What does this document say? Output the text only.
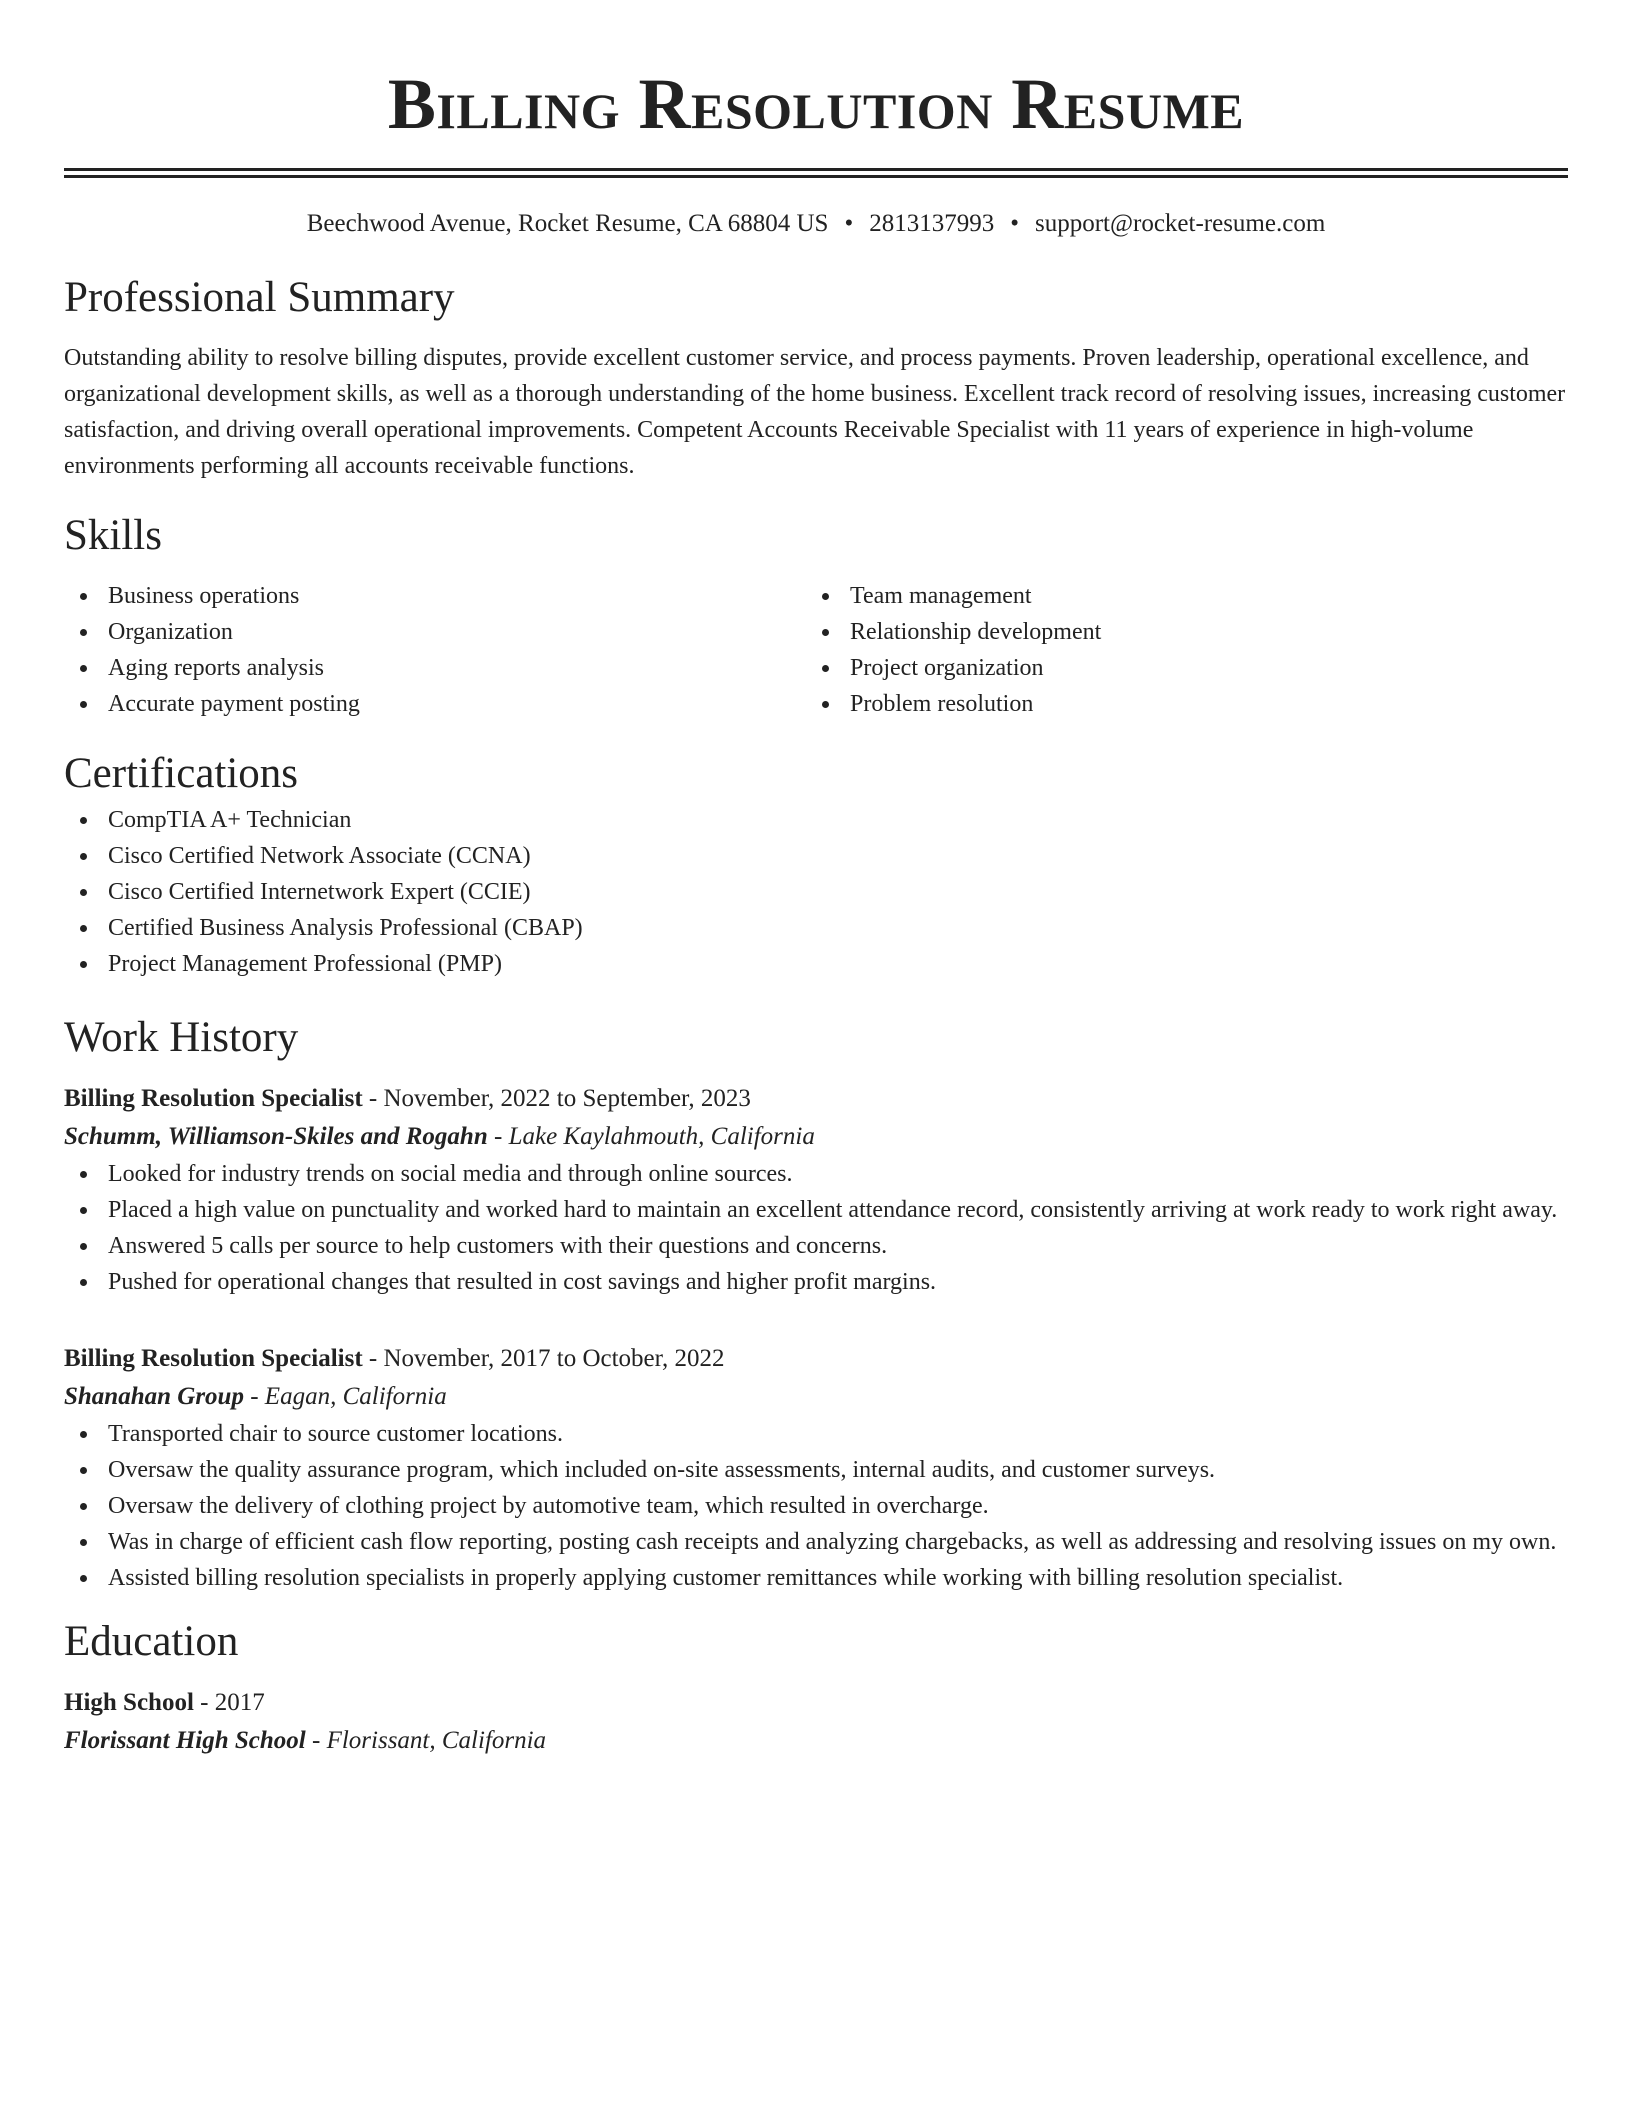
Billing Resolution Resume
Beechwood Avenue, Rocket Resume, CA 68804 US • 2813137993 • support@rocket-resume.com
Professional Summary

Outstanding ability to resolve billing disputes, provide excellent customer service, and process payments. Proven leadership, operational excellence, and organizational development skills, as well as a thorough understanding of the home business. Excellent track record of resolving issues, increasing customer satisfaction, and driving overall operational improvements. Competent Accounts Receivable Specialist with 11 years of experience in high-volume environments performing all accounts receivable functions.

Skills
Business operations
Organization
Aging reports analysis
Accurate payment posting
Team management
Relationship development
Project organization
Problem resolution
Certifications
CompTIA A+ Technician
Cisco Certified Network Associate (CCNA)
Cisco Certified Internetwork Expert (CCIE)
Certified Business Analysis Professional (CBAP)
Project Management Professional (PMP)
Work History
Billing Resolution Specialist - November, 2022 to September, 2023
Schumm, Williamson-Skiles and Rogahn - Lake Kaylahmouth, California
Looked for industry trends on social media and through online sources.
Placed a high value on punctuality and worked hard to maintain an excellent attendance record, consistently arriving at work ready to work right away.
Answered 5 calls per source to help customers with their questions and concerns.
Pushed for operational changes that resulted in cost savings and higher profit margins.
Billing Resolution Specialist - November, 2017 to October, 2022
Shanahan Group - Eagan, California
Transported chair to source customer locations.
Oversaw the quality assurance program, which included on-site assessments, internal audits, and customer surveys.
Oversaw the delivery of clothing project by automotive team, which resulted in overcharge.
Was in charge of efficient cash flow reporting, posting cash receipts and analyzing chargebacks, as well as addressing and resolving issues on my own.
Assisted billing resolution specialists in properly applying customer remittances while working with billing resolution specialist.
Education
High School - 2017
Florissant High School - Florissant, California
